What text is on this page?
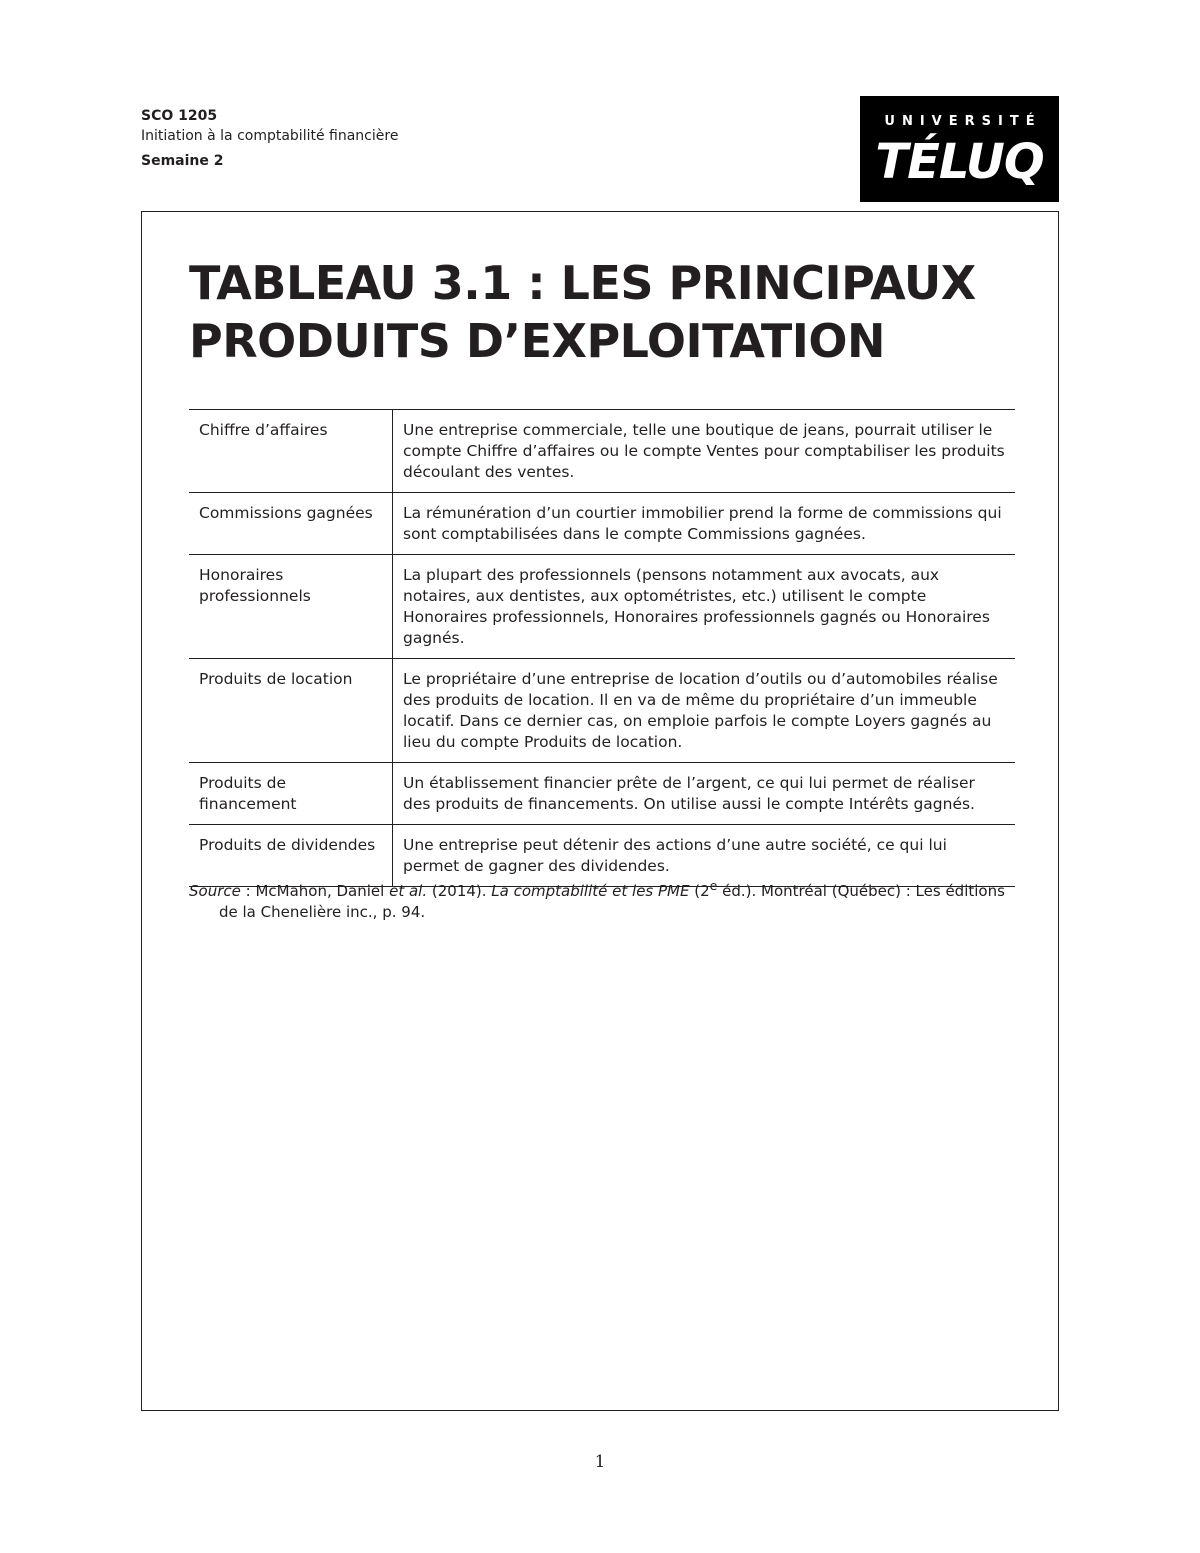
SCO 1205
Initiation à la comptabilité financière
Semaine 2
UNIVERSITÉ
TÉLUQ
TABLEAU 3.1 : LES PRINCIPAUX
PRODUITS D’EXPLOITATION
Chiffre d’affaires	Une entreprise commerciale, telle une boutique de jeans, pourrait utiliser le compte Chiffre d’affaires ou le compte Ventes pour comptabiliser les produits découlant des ventes.
Commissions gagnées	La rémunération d’un courtier immobilier prend la forme de commissions qui sont comptabilisées dans le compte Commissions gagnées.
Honoraires professionnels	La plupart des professionnels (pensons notamment aux avocats, aux notaires, aux dentistes, aux optométristes, etc.) utilisent le compte Honoraires professionnels, Honoraires professionnels gagnés ou Honoraires gagnés.
Produits de location	Le propriétaire d’une entreprise de location d’outils ou d’automobiles réalise des produits de location. Il en va de même du propriétaire d’un immeuble locatif. Dans ce dernier cas, on emploie parfois le compte Loyers gagnés au lieu du compte Produits de location.
Produits de financement	Un établissement financier prête de l’argent, ce qui lui permet de réaliser des produits de financements. On utilise aussi le compte Intérêts gagnés.
Produits de dividendes	Une entreprise peut détenir des actions d’une autre société, ce qui lui permet de gagner des dividendes.
Source : McMahon, Daniel et al. (2014). La comptabilité et les PME (2e éd.). Montréal (Québec) : Les éditions de la Chenelière inc., p. 94.
1
